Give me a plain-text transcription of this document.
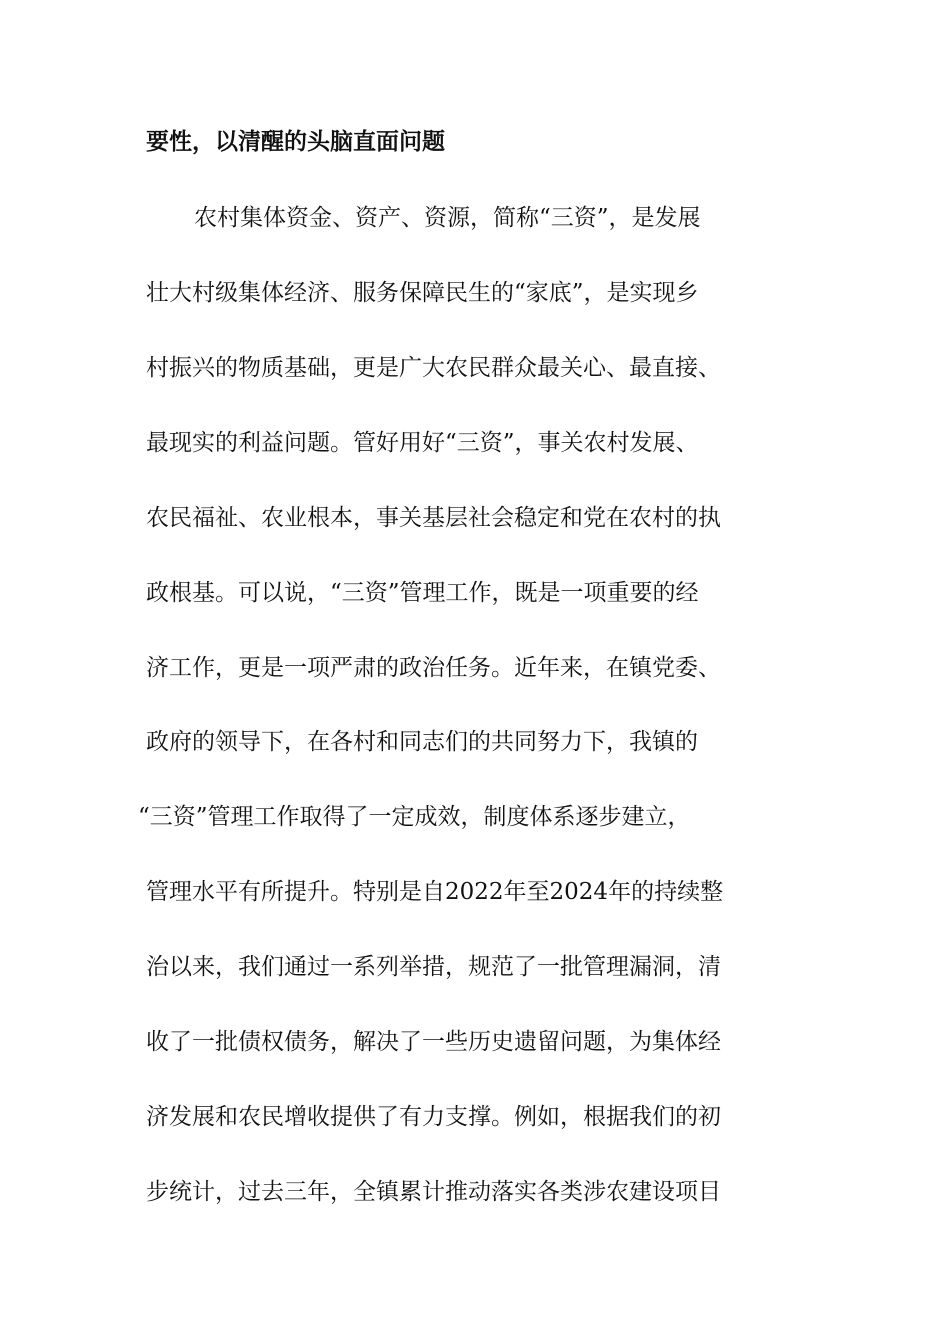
要性，以清醒的头脑直面问题
农村集体资金、资产、资源，简称“三资”，是发展
壮大村级集体经济、服务保障民生的“家底”，是实现乡
村振兴的物质基础，更是广大农民群众最关心、最直接、
最现实的利益问题。管好用好“三资”，事关农村发展、
农民福祉、农业根本，事关基层社会稳定和党在农村的执
政根基。可以说，“三资”管理工作，既是一项重要的经
济工作，更是一项严肃的政治任务。近年来，在镇党委、
政府的领导下，在各村和同志们的共同努力下，我镇的
“三资”管理工作取得了一定成效，制度体系逐步建立，
管理水平有所提升。特别是自2022年至2024年的持续整
治以来，我们通过一系列举措，规范了一批管理漏洞，清
收了一批债权债务，解决了一些历史遗留问题，为集体经
济发展和农民增收提供了有力支撑。例如，根据我们的初
步统计，过去三年，全镇累计推动落实各类涉农建设项目
